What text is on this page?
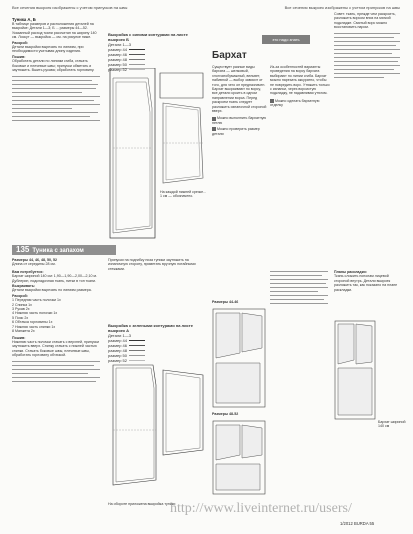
Все сечения выкроек изображены с учетом припусков на швы	Все сечения выкроек изображены с учетом припусков на швы
Туника А, Б
В таблице размеров и расположения деталей на выкройке: Детали 1—3; Б ... размеры 44—52. Указанный расход ткани рассчитан на ширину 140 см. Лоскут — выкройка — см. на рисунке ниже.
Раскрой:
Детали выкройки вырезать по линиям, при необходимости учитывая длину изделия.
Пошив:
Обработать детали по линиям сгиба, стачать боковые и плечевые швы; припуски обметать и заутюжить. Вшить рукава; обработать горловину.
135 Туника с запахом
Размеры 44, 46, 48, 50, 52
Длина от середины 28 см.
Вам потребуется:
Бархат шириной 140 см: 1,90—1,90—2,00—2,10 м. Дублерин, подкладочная ткань, нитки в тон ткани.
Выкраивать:
Детали выкройки вырезать по линиям размера.
Раскрой:
1 Передняя часть полочки 1x
2 Спинка 1x
3 Рукав 2x
4 Нижняя часть полочки 1x
5 Пояс 2x
6 Обтачка горловины 1x
7 Нижняя часть спинки 1x
8 Манжета 2x
Пошив:
Нижнюю часть полочки стачать с верхней, припуски заутюжить вверх. Спинку стачать с нижней частью спинки. Стачать боковые швы, плечевые швы, обработать горловину обтачкой.
Выкройка с синими контурами на листе выкроек Б
Детали 1—3
размер 44
размер 46
размер 48
размер 50
размер 52
На каждой нижней срезке... 1 см — обозначено.
Припуски на подгибку низа туники заутюжить на изнаночную сторону, приметать вручную потайными стежками.
Выкройка с зелеными контурами на листе выкроек А
Детали 1—3
размер 44
размер 46
размер 48
размер 50
размер 52
На обороте приложена выкройка туники
это надо знать
Бархат
Существует разные виды бархата — шелковый, хлопчатобумажный, вельвет, набивной — выбор зависит от того, для чего он предназначен. Бархат выкраивают по ворсу, все детали кроить в одном направлении ворса. Перед раскроем ткань следует разложить изнаночной стороной вверх.
Можно выполнить бархатную петлю
Можно проверить размер детали
Из-за особенностей варианты проведения на ворсу бархата выбирают по линии сгиба. Бархат можно нарезать аккуратно, чтобы не повредить ворс. Утюжить только с изнанки, через ворсистую подкладку, не надавливая утюгом.
Можно сделать бархатную отделку
Совет: ткань, прежде чем раскроить, разложить ворсом вниз на мягкой подкладке. Смятый ворс можно восстановить паром.
Размеры 44-46
Размеры 48-52
Планы раскладки:
Ткань сложить пополам лицевой стороной внутрь. Детали выкроек разложить так, как показано на плане раскладки.
Бархат шириной 140 см
http://www.liveinternet.ru/users/
1/2012 BURDA 55
